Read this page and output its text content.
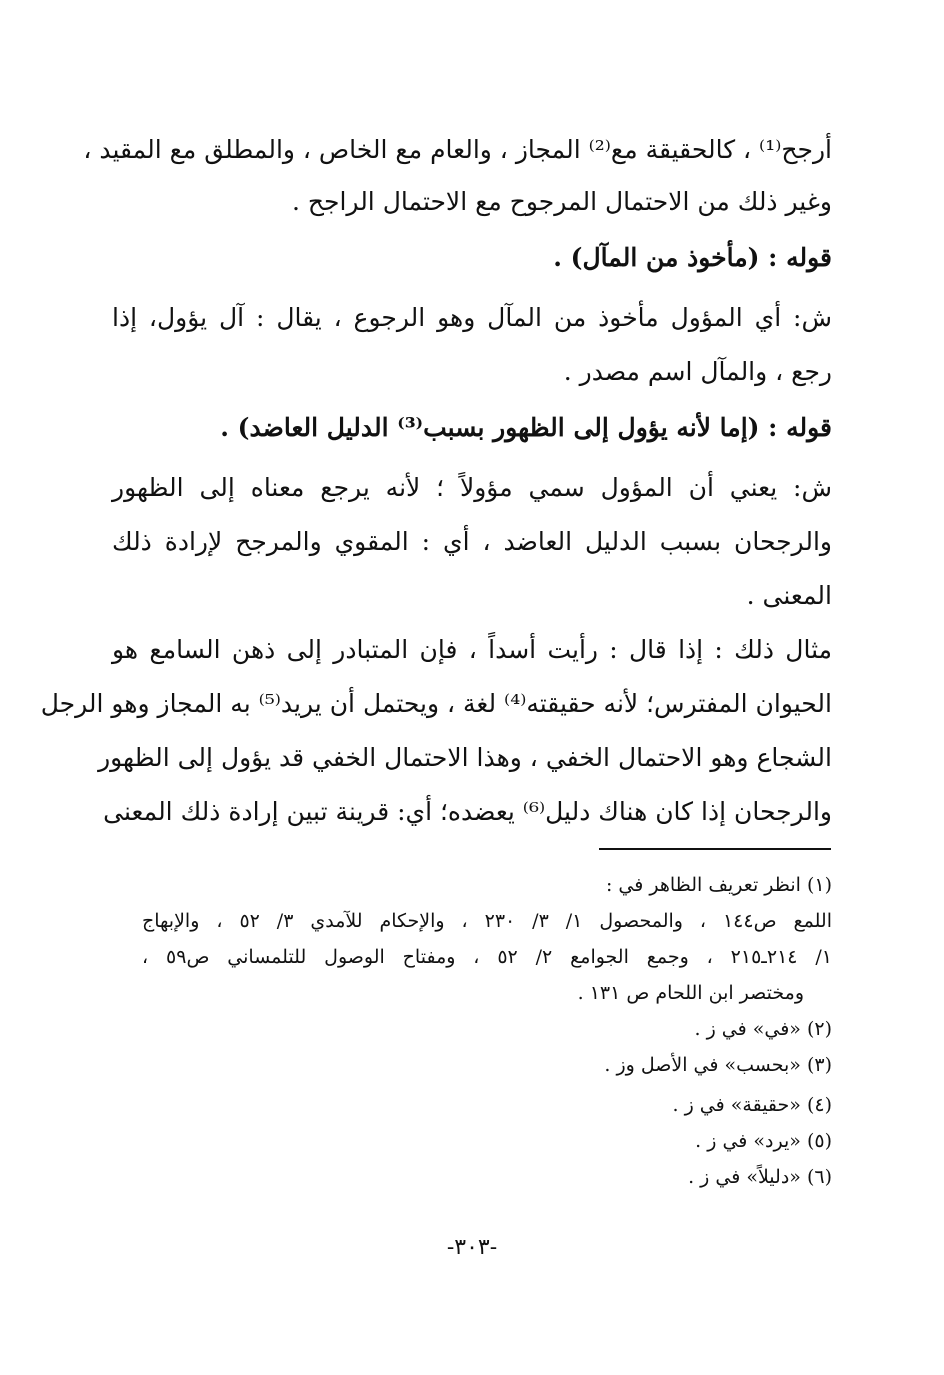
أرجح⁽¹⁾ ، كالحقيقة مع⁽²⁾ المجاز ، والعام مع الخاص ، والمطلق مع المقيد ،
وغير ذلك من الاحتمال المرجوح مع الاحتمال الراجح .
قوله : (مأخوذ من المآل) .
ش: أي المؤول مأخوذ من المآل وهو الرجوع ، يقال : آل يؤول، إذا
رجع ، والمآل اسم مصدر .
قوله : (إما لأنه يؤول إلى الظهور بسبب⁽³⁾ الدليل العاضد) .
ش: يعني أن المؤول سمي مؤولاً ؛ لأنه يرجع معناه إلى الظهور
والرجحان بسبب الدليل العاضد ، أي : المقوي والمرجح لإرادة ذلك
المعنى .
مثال ذلك : إذا قال : رأيت أسداً ، فإن المتبادر إلى ذهن السامع هو
الحيوان المفترس؛ لأنه حقيقته⁽⁴⁾ لغة ، ويحتمل أن يريد⁽⁵⁾ به المجاز وهو الرجل
الشجاع وهو الاحتمال الخفي ، وهذا الاحتمال الخفي قد يؤول إلى الظهور
والرجحان إذا كان هناك دليل⁽⁶⁾ يعضده؛ أي: قرينة تبين إرادة ذلك المعنى
(١) انظر تعريف الظاهر في :
اللمع ص١٤٤ ، والمحصول ١/ ٣/ ٢٣٠ ، والإحكام للآمدي ٣/ ٥٢ ، والإبهاج
١/ ٢١٤ـ٢١٥ ، وجمع الجوامع ٢/ ٥٢ ، ومفتاح الوصول للتلمساني ص٥٩ ،
ومختصر ابن اللحام ص ١٣١ .
(٢) «في» في ز .
(٣) «بحسب» في الأصل وز .
(٤) «حقيقة» في ز .
(٥) «يرد» في ز .
(٦) «دليلاً» في ز .
-٣٠٣-
